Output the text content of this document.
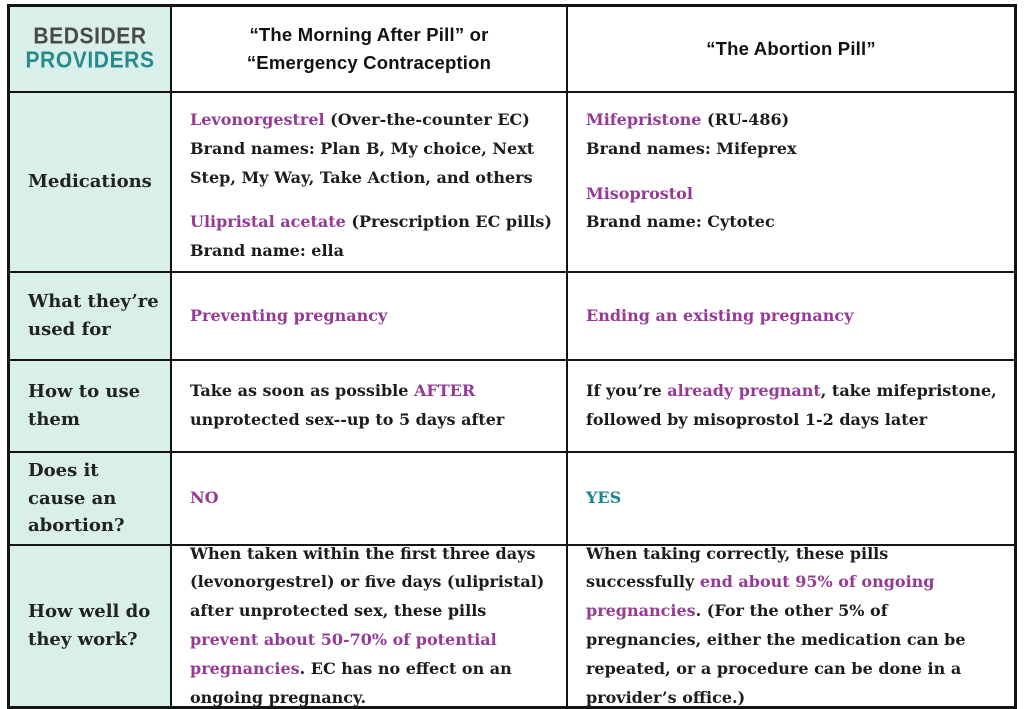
BEDSIDER
PROVIDERS
“The Morning After Pill” or
“Emergency Contraception
“The Abortion Pill”
Medications

Levonorgestrel (Over-the-counter EC)

Brand names: Plan B, My choice, Next Step, My Way, Take Action, and others

Ulipristal acetate (Prescription EC pills)

Brand name: ella

Mifepristone (RU-486)

Brand names: Mifeprex

Misoprostol

Brand name: Cytotec

What they’re used for

Preventing pregnancy	Ending an existing pregnancy

How to use them

Take as soon as possible AFTER unprotected sex--up to 5 days after

If you’re already pregnant, take mifepristone, followed by misoprostol 1-2 days later

Does it cause an abortion?

NO	YES

How well do they work?

When taken within the first three days (levonorgestrel) or five days (ulipristal) after unprotected sex, these pills prevent about 50-70% of potential pregnancies. EC has no effect on an ongoing pregnancy.

When taking correctly, these pills successfully end about 95% of ongoing pregnancies. (For the other 5% of pregnancies, either the medication can be repeated, or a procedure can be done in a provider’s office.)
